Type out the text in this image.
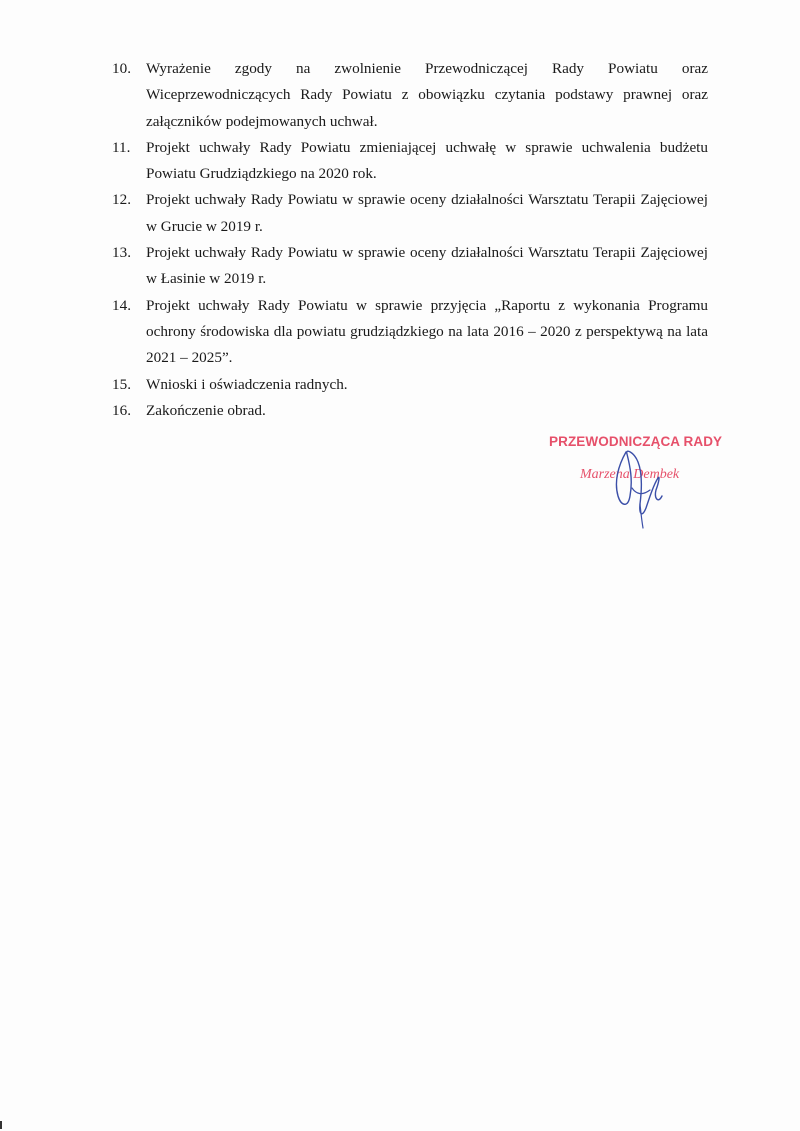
10. Wyrażenie zgody na zwolnienie Przewodniczącej Rady Powiatu oraz Wiceprzewodniczących Rady Powiatu z obowiązku czytania podstawy prawnej oraz załączników podejmowanych uchwał.
11.	Projekt uchwały Rady Powiatu zmieniającej uchwałę w sprawie uchwalenia budżetu Powiatu Grudziądzkiego na 2020 rok.
12. Projekt uchwały Rady Powiatu w sprawie oceny działalności Warsztatu Terapii Zajęciowej w Grucie w 2019 r.
13. Projekt uchwały Rady Powiatu w sprawie oceny działalności Warsztatu Terapii Zajęciowej w Łasinie w 2019 r.
14. Projekt uchwały Rady Powiatu w sprawie przyjęcia „Raportu z wykonania Programu ochrony środowiska dla powiatu grudziądzkiego na lata 2016 – 2020 z perspektywą na lata 2021 – 2025”.
15. Wnioski i oświadczenia radnych.
16. Zakończenie obrad.
PRZEWODNICZĄCA RADY
Marzena Dembek
